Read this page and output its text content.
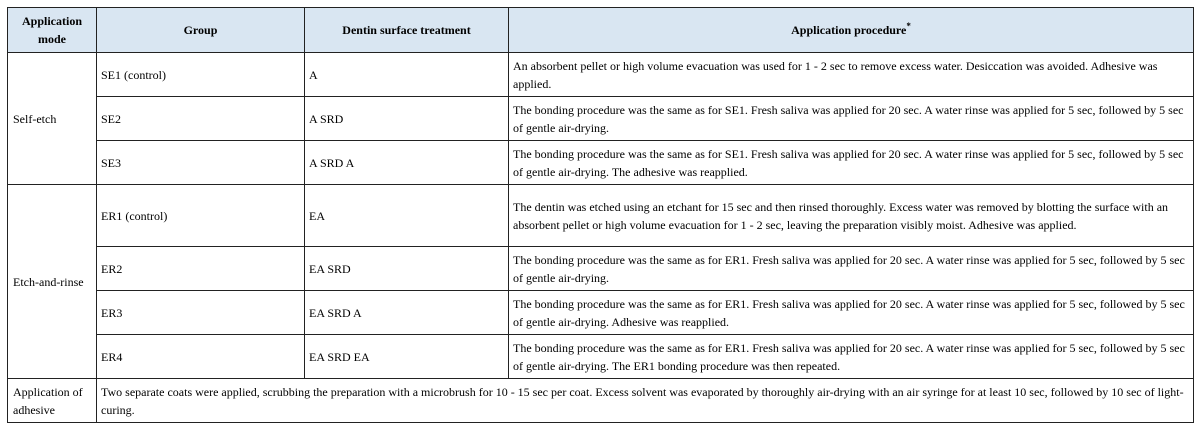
Application mode	Group	Dentin surface treatment	Application procedure*
Self-etch	SE1 (control)	A	An absorbent pellet or high volume evacuation was used for 1 - 2 sec to remove excess water. Desiccation was avoided. Adhesive was applied.
	SE2	A SRD	The bonding procedure was the same as for SE1. Fresh saliva was applied for 20 sec. A water rinse was applied for 5 sec, followed by 5 sec of gentle air-drying.
	SE3	A SRD A	The bonding procedure was the same as for SE1. Fresh saliva was applied for 20 sec. A water rinse was applied for 5 sec, followed by 5 sec of gentle air-drying. The adhesive was reapplied.
Etch-and-rinse	ER1 (control)	EA	The dentin was etched using an etchant for 15 sec and then rinsed thoroughly. Excess water was removed by blotting the surface with an absorbent pellet or high volume evacuation for 1 - 2 sec, leaving the preparation visibly moist. Adhesive was applied.
	ER2	EA SRD	The bonding procedure was the same as for ER1. Fresh saliva was applied for 20 sec. A water rinse was applied for 5 sec, followed by 5 sec of gentle air-drying.
	ER3	EA SRD A	The bonding procedure was the same as for ER1. Fresh saliva was applied for 20 sec. A water rinse was applied for 5 sec, followed by 5 sec of gentle air-drying. Adhesive was reapplied.
	ER4	EA SRD EA	The bonding procedure was the same as for ER1. Fresh saliva was applied for 20 sec. A water rinse was applied for 5 sec, followed by 5 sec of gentle air-drying. The ER1 bonding procedure was then repeated.
Application of adhesive	Two separate coats were applied, scrubbing the preparation with a microbrush for 10 - 15 sec per coat. Excess solvent was evaporated by thoroughly air-drying with an air syringe for at least 10 sec, followed by 10 sec of light-curing.		
